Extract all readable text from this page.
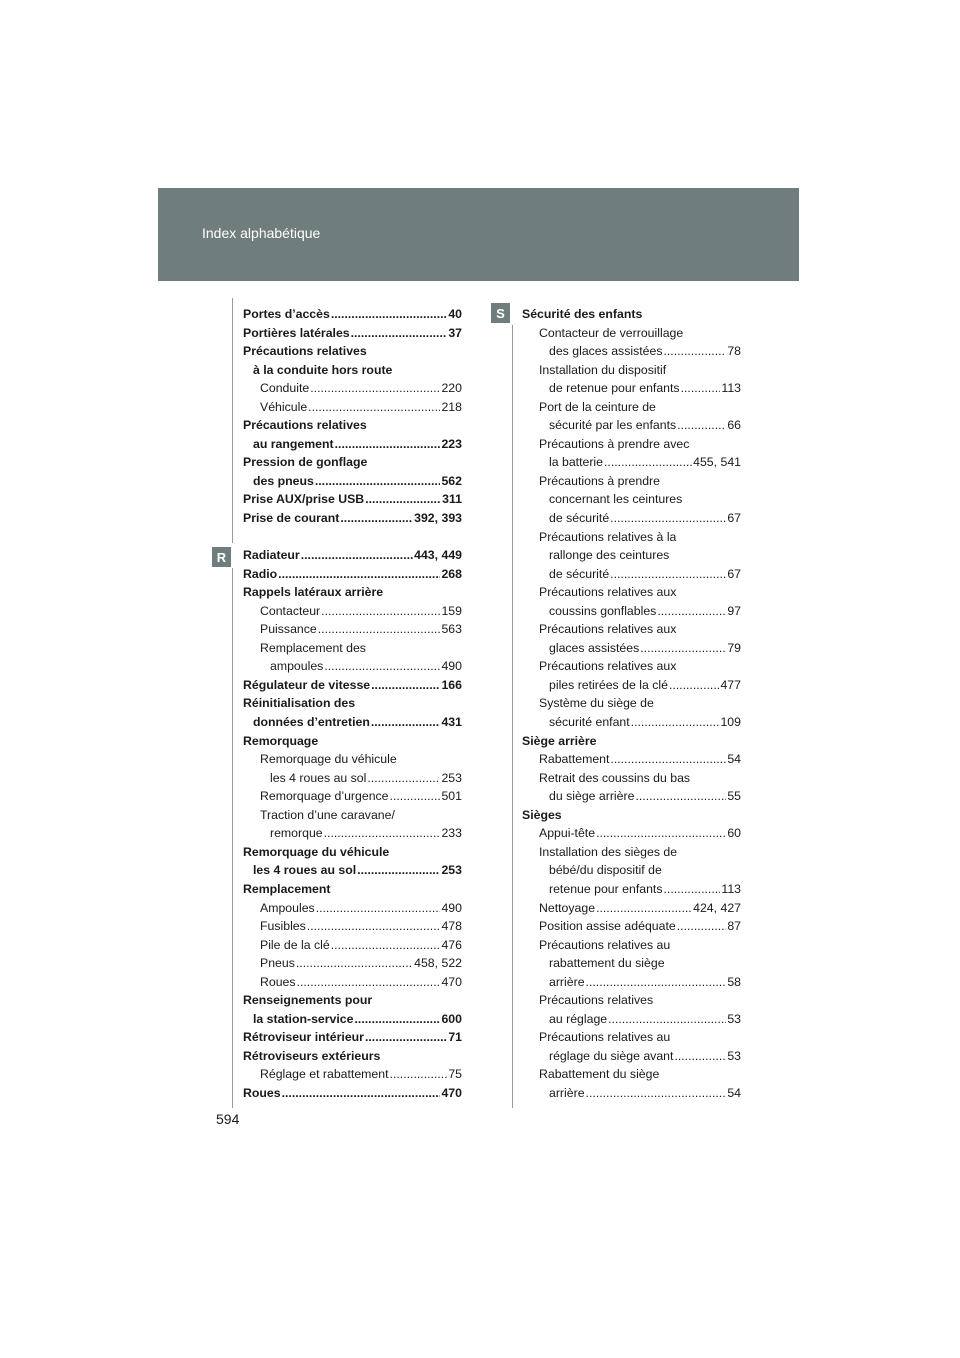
Index alphabétique
R
S
Portes d’accès .....	40
Portières latérales .....	37
Précautions relatives
à la conduite hors route
Conduite .....	220
Véhicule .....	218
Précautions relatives
au rangement .....	223
Pression de gonflage
des pneus .....	562
Prise AUX/prise USB .....	311
Prise de courant .....	392, 393
Radiateur .....	443, 449
Radio .....	268
Rappels latéraux arrière
Contacteur .....	159
Puissance .....	563
Remplacement des
ampoules .....	490
Régulateur de vitesse .....	166
Réinitialisation des
données d’entretien .....	431
Remorquage
Remorquage du véhicule
les 4 roues au sol .....	253
Remorquage d’urgence .....	501
Traction d’une caravane/
remorque .....	233
Remorquage du véhicule
les 4 roues au sol .....	253
Remplacement
Ampoules .....	490
Fusibles .....	478
Pile de la clé .....	476
Pneus .....	458, 522
Roues .....	470
Renseignements pour
la station-service .....	600
Rétroviseur intérieur .....	71
Rétroviseurs extérieurs
Réglage et rabattement .....	75
Roues .....	470
Sécurité des enfants
Contacteur de verrouillage
des glaces assistées .....	78
Installation du dispositif
de retenue pour enfants .....	113
Port de la ceinture de
sécurité par les enfants .....	66
Précautions à prendre avec
la batterie .....	455, 541
Précautions à prendre
concernant les ceintures
de sécurité .....	67
Précautions relatives à la
rallonge des ceintures
de sécurité .....	67
Précautions relatives aux
coussins gonflables .....	97
Précautions relatives aux
glaces assistées .....	79
Précautions relatives aux
piles retirées de la clé .....	477
Système du siège de
sécurité enfant .....	109
Siège arrière
Rabattement .....	54
Retrait des coussins du bas
du siège arrière .....	55
Sièges
Appui-tête .....	60
Installation des sièges de
bébé/du dispositif de
retenue pour enfants .....	113
Nettoyage .....	424, 427
Position assise adéquate .....	87
Précautions relatives au
rabattement du siège
arrière .....	58
Précautions relatives
au réglage .....	53
Précautions relatives au
réglage du siège avant .....	53
Rabattement du siège
arrière .....	54
594
